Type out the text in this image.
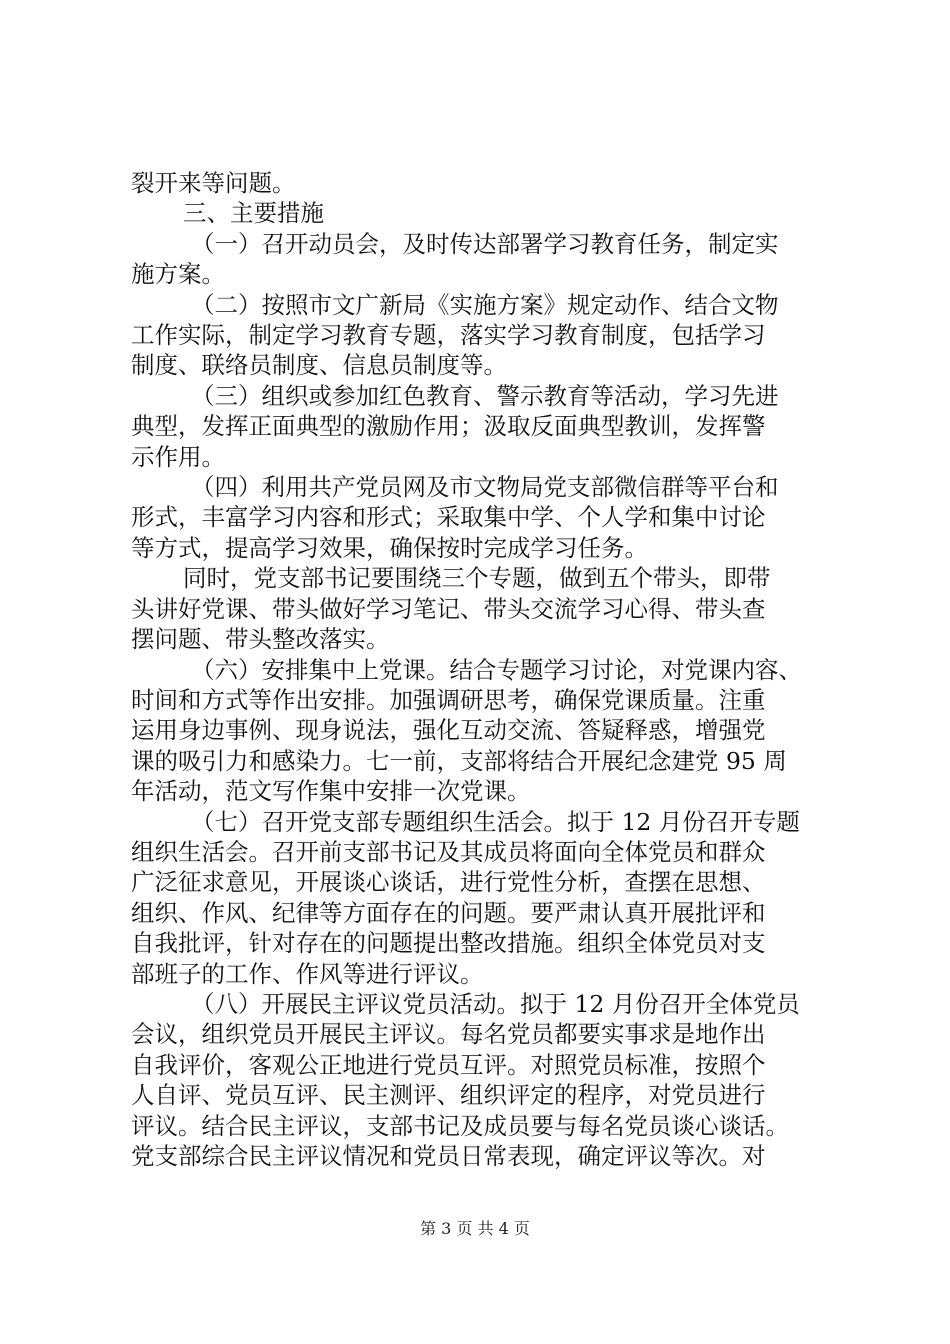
裂开来等问题。
三、主要措施
（一）召开动员会，及时传达部署学习教育任务，制定实
施方案。
（二）按照市文广新局《实施方案》规定动作、结合文物
工作实际，制定学习教育专题，落实学习教育制度，包括学习
制度、联络员制度、信息员制度等。
（三）组织或参加红色教育、警示教育等活动，学习先进
典型，发挥正面典型的激励作用；汲取反面典型教训，发挥警
示作用。
（四）利用共产党员网及市文物局党支部微信群等平台和
形式，丰富学习内容和形式；采取集中学、个人学和集中讨论
等方式，提高学习效果，确保按时完成学习任务。
同时，党支部书记要围绕三个专题，做到五个带头，即带
头讲好党课、带头做好学习笔记、带头交流学习心得、带头查
摆问题、带头整改落实。
（六）安排集中上党课。结合专题学习讨论，对党课内容、
时间和方式等作出安排。加强调研思考，确保党课质量。注重
运用身边事例、现身说法，强化互动交流、答疑释惑，增强党
课的吸引力和感染力。七一前，支部将结合开展纪念建党 95 周
年活动，范文写作集中安排一次党课。
（七）召开党支部专题组织生活会。拟于 12 月份召开专题
组织生活会。召开前支部书记及其成员将面向全体党员和群众
广泛征求意见，开展谈心谈话，进行党性分析，查摆在思想、
组织、作风、纪律等方面存在的问题。要严肃认真开展批评和
自我批评，针对存在的问题提出整改措施。组织全体党员对支
部班子的工作、作风等进行评议。
（八）开展民主评议党员活动。拟于 12 月份召开全体党员
会议，组织党员开展民主评议。每名党员都要实事求是地作出
自我评价，客观公正地进行党员互评。对照党员标准，按照个
人自评、党员互评、民主测评、组织评定的程序，对党员进行
评议。结合民主评议，支部书记及成员要与每名党员谈心谈话。
党支部综合民主评议情况和党员日常表现，确定评议等次。对
第 3 页 共 4 页
